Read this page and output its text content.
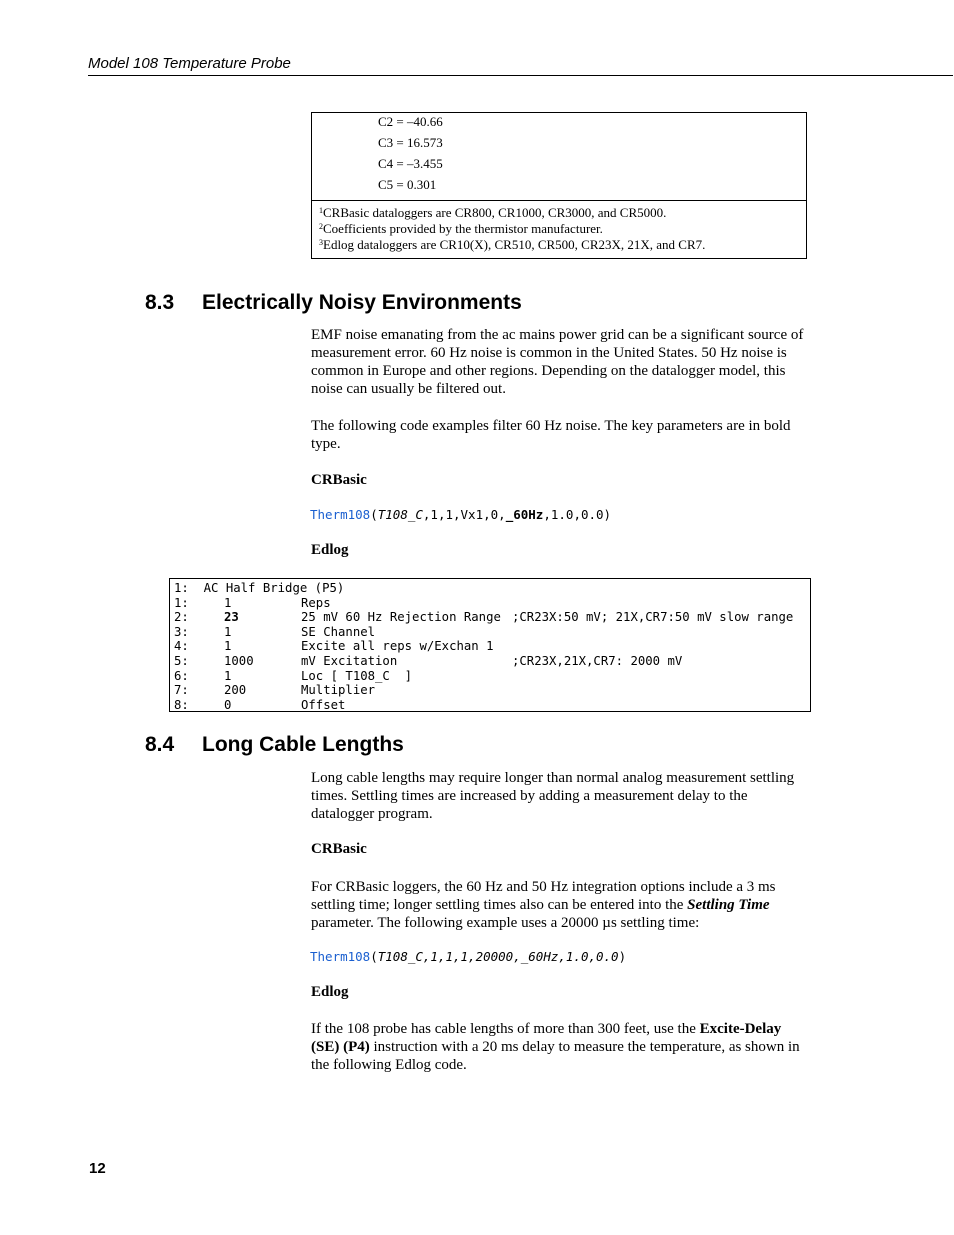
Model 108 Temperature Probe
C2 = –40.66
C3 = 16.573
C4 = –3.455
C5 = 0.301
$^1$CRBasic dataloggers are CR800, CR1000, CR3000, and CR5000.
$^2$Coefficients provided by the thermistor manufacturer.
$^3$Edlog dataloggers are CR10(X), CR510, CR500, CR23X, 21X, and CR7.
8.3 Electrically Noisy Environments
EMF noise emanating from the ac mains power grid can be a significant source of measurement error. 60 Hz noise is common in the United States. 50 Hz noise is common in Europe and other regions. Depending on the datalogger model, this noise can usually be filtered out.
The following code examples filter 60 Hz noise. The key parameters are in bold type.
CRBasic
Therm108(T108_C,1,1,Vx1,0,_60Hz,1.0,0.0)
Edlog
1:  AC Half Bridge (P5)
1:	1	Reps
2:	23	25 mV 60 Hz Rejection Range ;CR23X:50 mV; 21X,CR7:50 mV slow range
3:	1	SE Channel
4:	1	Excite all reps w/Exchan 1
5:	1000	mV Excitation	;CR23X,21X,CR7: 2000 mV
6:	1	Loc [ T108_C  ]
7:	200	Multiplier
8:	0	Offset
8.4 Long Cable Lengths
Long cable lengths may require longer than normal analog measurement settling times. Settling times are increased by adding a measurement delay to the datalogger program.
CRBasic
For CRBasic loggers, the 60 Hz and 50 Hz integration options include a 3 ms settling time; longer settling times also can be entered into the Settling Time parameter. The following example uses a 20000 µs settling time:
Therm108(T108_C,1,1,1,20000,_60Hz,1.0,0.0)
Edlog
If the 108 probe has cable lengths of more than 300 feet, use the Excite-Delay (SE) (P4) instruction with a 20 ms delay to measure the temperature, as shown in the following Edlog code.
12
